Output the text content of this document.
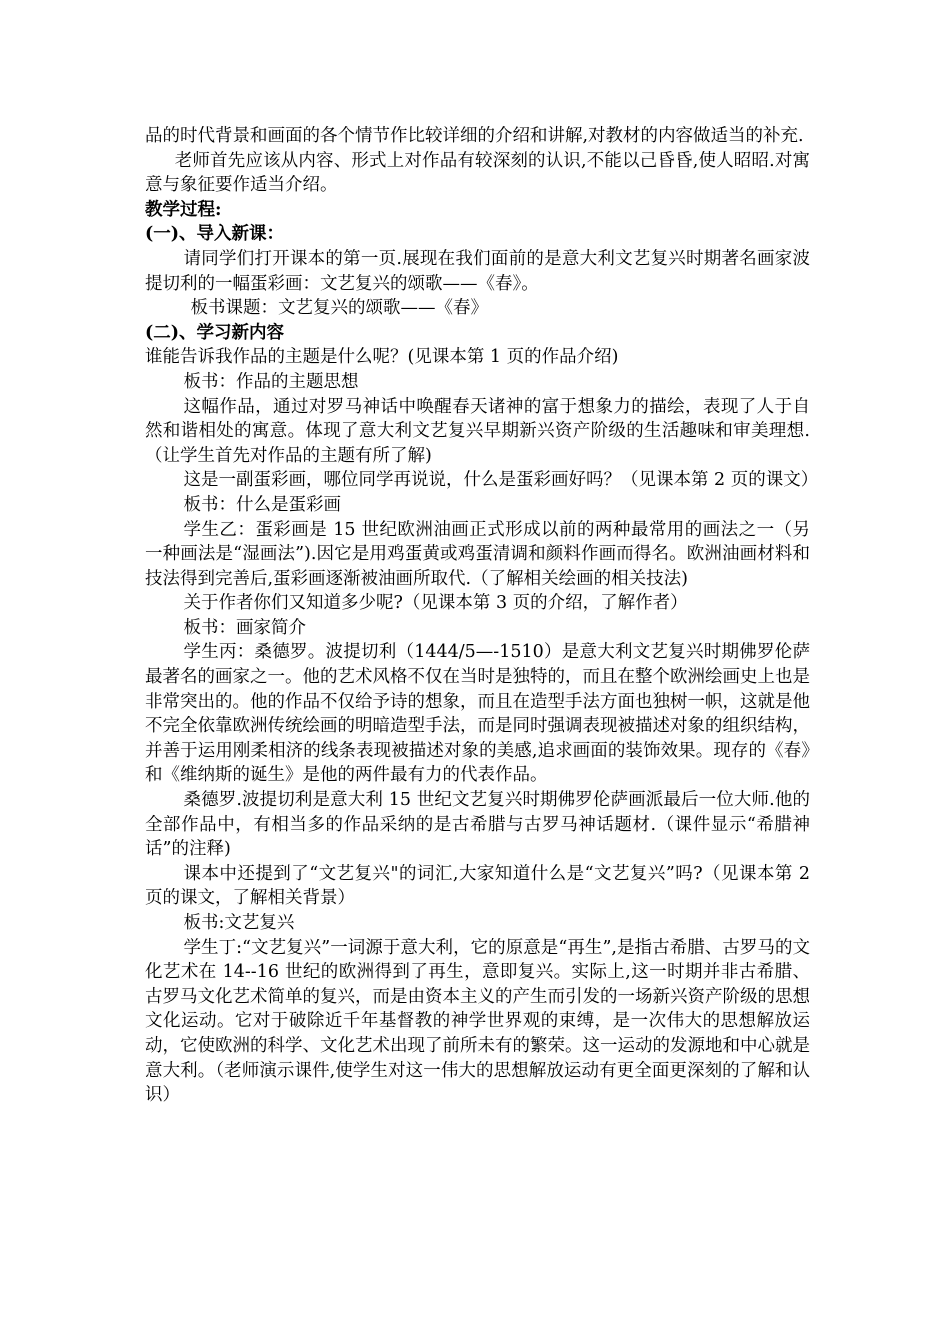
品的时代背景和画面的各个情节作比较详细的介绍和讲解,对教材的内容做适当的补充.

老师首先应该从内容、形式上对作品有较深刻的认识,不能以己昏昏,使人昭昭.对寓意与象征要作适当介绍。

教学过程:

(一)、导入新课：

请同学们打开课本的第一页.展现在我们面前的是意大利文艺复兴时期著名画家波提切利的一幅蛋彩画：文艺复兴的颂歌——《春》。

板书课题：文艺复兴的颂歌——《春》

(二)、学习新内容

谁能告诉我作品的主题是什么呢？(见课本第 1 页的作品介绍)

板书：作品的主题思想

这幅作品，通过对罗马神话中唤醒春天诸神的富于想象力的描绘，表现了人于自然和谐相处的寓意。体现了意大利文艺复兴早期新兴资产阶级的生活趣味和审美理想.（让学生首先对作品的主题有所了解)

这是一副蛋彩画，哪位同学再说说，什么是蛋彩画好吗？（见课本第 2 页的课文）

板书：什么是蛋彩画

学生乙：蛋彩画是 15 世纪欧洲油画正式形成以前的两种最常用的画法之一（另一种画法是“湿画法”).因它是用鸡蛋黄或鸡蛋清调和颜料作画而得名。欧洲油画材料和技法得到完善后,蛋彩画逐渐被油画所取代.（了解相关绘画的相关技法)

关于作者你们又知道多少呢?（见课本第 3 页的介绍，了解作者）

板书：画家简介

学生丙：桑德罗。波提切利（1444/5—-1510）是意大利文艺复兴时期佛罗伦萨最著名的画家之一。他的艺术风格不仅在当时是独特的，而且在整个欧洲绘画史上也是非常突出的。他的作品不仅给予诗的想象，而且在造型手法方面也独树一帜，这就是他不完全依靠欧洲传统绘画的明暗造型手法，而是同时强调表现被描述对象的组织结构，并善于运用刚柔相济的线条表现被描述对象的美感,追求画面的装饰效果。现存的《春》和《维纳斯的诞生》是他的两件最有力的代表作品。

桑德罗.波提切利是意大利 15 世纪文艺复兴时期佛罗伦萨画派最后一位大师.他的全部作品中，有相当多的作品采纳的是古希腊与古罗马神话题材.（课件显示“希腊神话”的注释)

课本中还提到了“文艺复兴"的词汇,大家知道什么是“文艺复兴”吗?（见课本第 2 页的课文，了解相关背景）

板书:文艺复兴

学生丁:“文艺复兴”一词源于意大利，它的原意是“再生”,是指古希腊、古罗马的文化艺术在 14--16 世纪的欧洲得到了再生，意即复兴。实际上,这一时期并非古希腊、古罗马文化艺术简单的复兴，而是由资本主义的产生而引发的一场新兴资产阶级的思想文化运动。它对于破除近千年基督教的神学世界观的束缚，是一次伟大的思想解放运动，它使欧洲的科学、文化艺术出现了前所未有的繁荣。这一运动的发源地和中心就是意大利。（老师演示课件,使学生对这一伟大的思想解放运动有更全面更深刻的了解和认识）
